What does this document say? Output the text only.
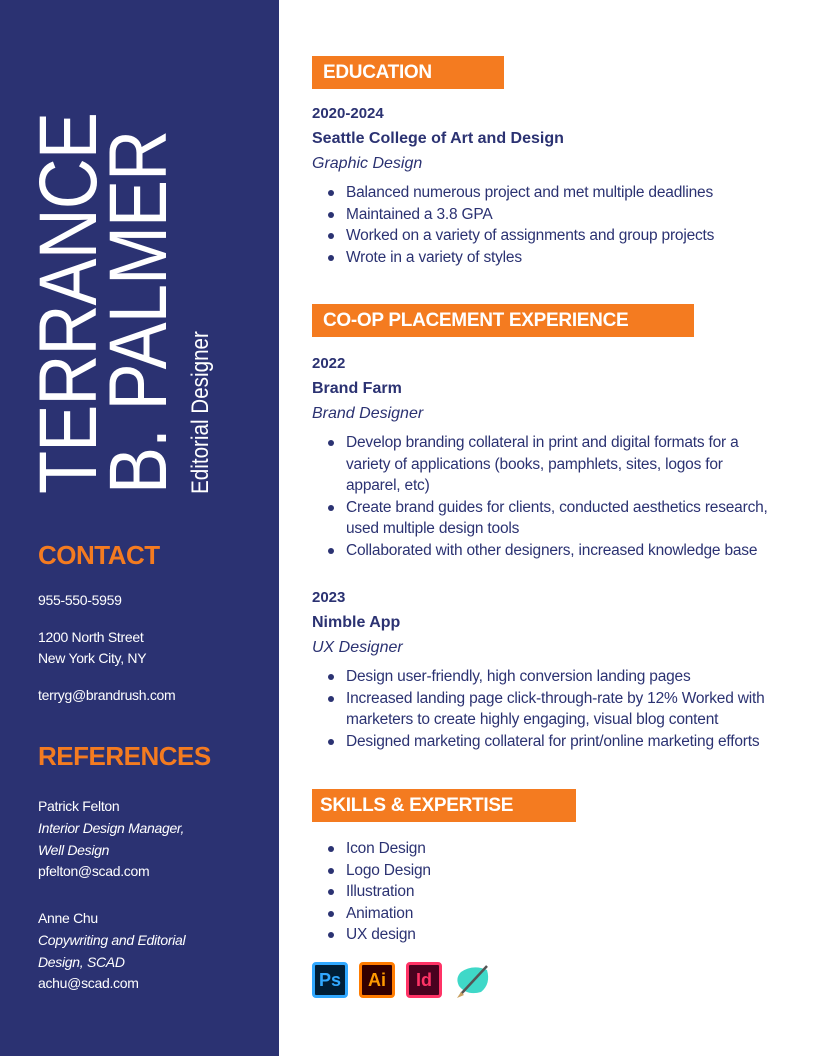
TERRANCE
B. PALMER Editorial Designer
CONTACT
955-550-5959
1200 North Street
New York City, NY
terryg@brandrush.com
REFERENCES
Patrick Felton
Interior Design Manager,
Well Design
pfelton@scad.com
Anne Chu
Copywriting and Editorial
Design, SCAD
achu@scad.com
EDUCATION
2020-2024
Seattle College of Art and Design
Graphic Design
Balanced numerous project and met multiple deadlines
Maintained a 3.8 GPA
Worked on a variety of assignments and group projects
Wrote in a variety of styles
CO-OP PLACEMENT EXPERIENCE
2022
Brand Farm
Brand Designer
Develop branding collateral in print and digital formats for a variety of applications (books, pamphlets, sites, logos for apparel, etc)
Create brand guides for clients, conducted aesthetics research, used multiple design tools
Collaborated with other designers, increased knowledge base
2023
Nimble App
UX Designer
Design user-friendly, high conversion landing pages
Increased landing page click-through-rate by 12% Worked with marketers to create highly engaging, visual blog content
Designed marketing collateral for print/online marketing efforts
SKILLS & EXPERTISE
Icon Design
Logo Design
Illustration
Animation
UX design
Ps	Ai	Id
